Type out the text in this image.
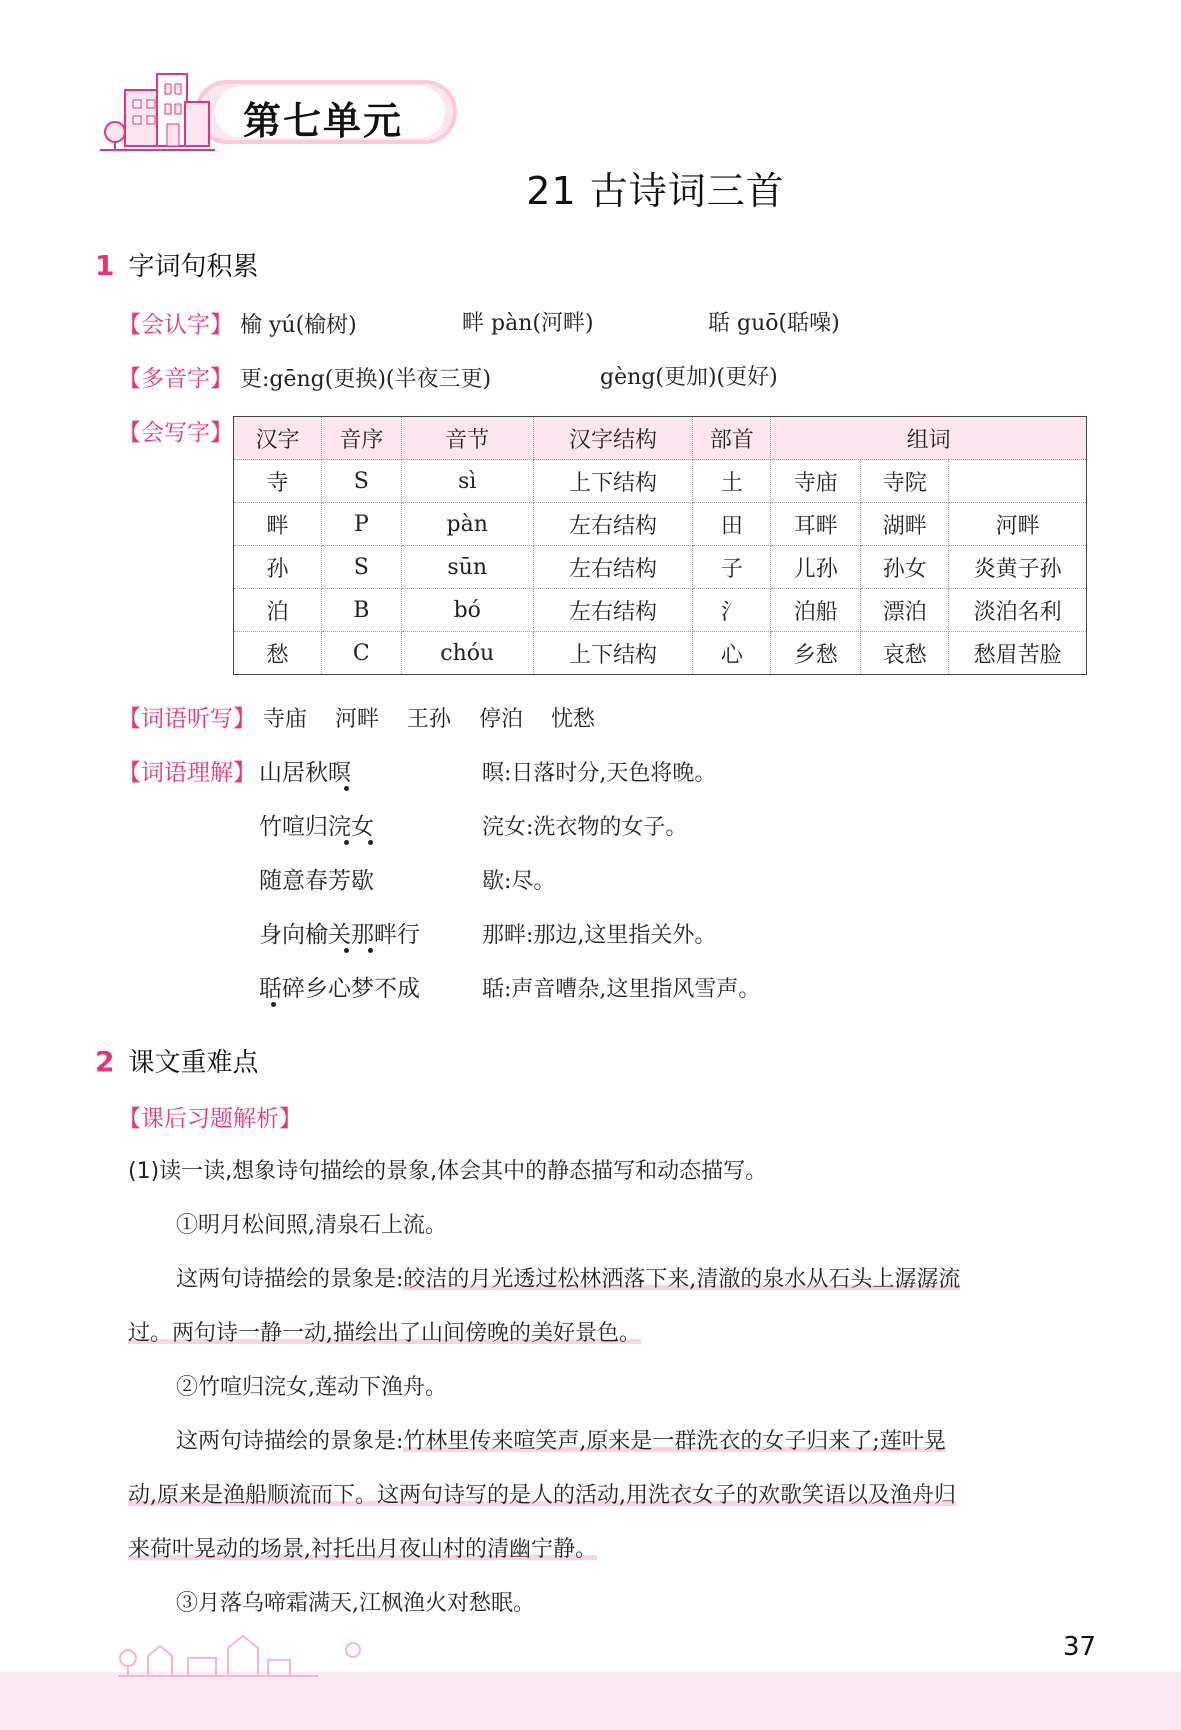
第七单元
21 古诗词三首
1 字词句积累
【会认字】 榆 yú(榆树)	畔 pàn(河畔)	聒 guō(聒噪)
【多音字】 更:gēng(更换)(半夜三更)	gèng(更加)(更好)
【会写字】 汉字	音序	音节	汉字结构	部首	组词		
寺	S	sì	上下结构	土	寺庙	寺院	
畔	P	pàn	左右结构	田	耳畔	湖畔	河畔
孙	S	sūn	左右结构	子	儿孙	孙女	炎黄子孙
泊	B	bó	左右结构	氵	泊船	漂泊	淡泊名利
愁	C	chóu	上下结构	心	乡愁	哀愁	愁眉苦脸
【词语听写】 寺庙 河畔 王孙 停泊 忧愁
【词语理解】 山居秋暝	暝:日落时分,天色将晚。
竹喧归浣女	浣女:洗衣物的女子。
随意春芳歇	歇:尽。
身向榆关那畔行	那畔:那边,这里指关外。
聒碎乡心梦不成	聒:声音嘈杂,这里指风雪声。
2 课文重难点
【课后习题解析】
(1)读一读,想象诗句描绘的景象,体会其中的静态描写和动态描写。
①明月松间照,清泉石上流。
这两句诗描绘的景象是:皎洁的月光透过松林洒落下来,清澈的泉水从石头上潺潺流
过。两句诗一静一动,描绘出了山间傍晚的美好景色。
②竹喧归浣女,莲动下渔舟。
这两句诗描绘的景象是:竹林里传来喧笑声,原来是一群洗衣的女子归来了;莲叶晃
动,原来是渔船顺流而下。这两句诗写的是人的活动,用洗衣女子的欢歌笑语以及渔舟归
来荷叶晃动的场景,衬托出月夜山村的清幽宁静。
③月落乌啼霜满天,江枫渔火对愁眠。
37
